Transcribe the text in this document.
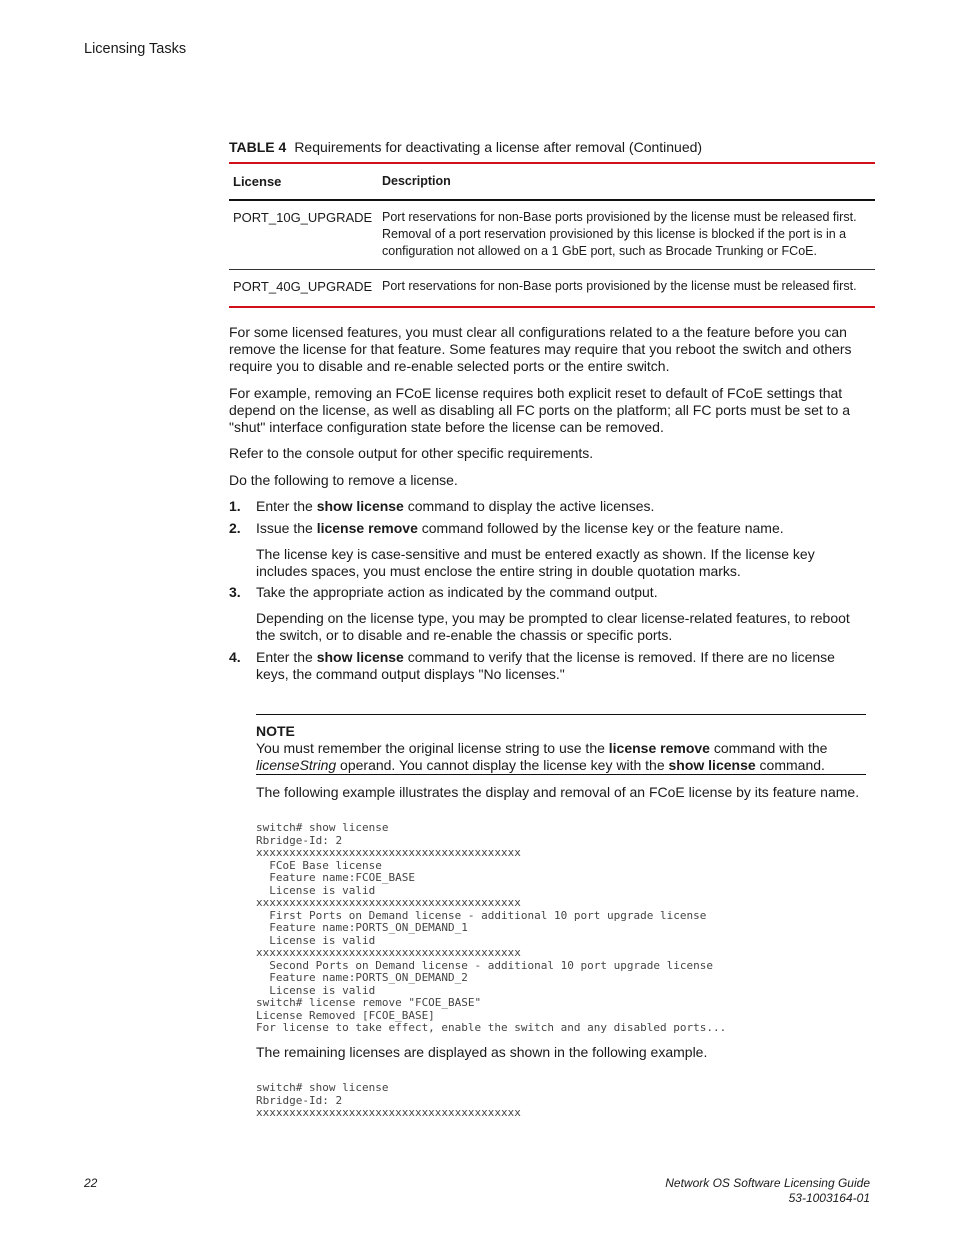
Licensing Tasks
TABLE 4 Requirements for deactivating a license after removal (Continued)
License	Description
PORT_10G_UPGRADE Port reservations for non-Base ports provisioned by the license must be released first. Removal of a port reservation provisioned by this license is blocked if the port is in a configuration not allowed on a 1 GbE port, such as Brocade Trunking or FCoE.
PORT_40G_UPGRADE Port reservations for non-Base ports provisioned by the license must be released first.
For some licensed features, you must clear all configurations related to a the feature before you can remove the license for that feature. Some features may require that you reboot the switch and others require you to disable and re-enable selected ports or the entire switch.
For example, removing an FCoE license requires both explicit reset to default of FCoE settings that depend on the license, as well as disabling all FC ports on the platform; all FC ports must be set to a "shut" interface configuration state before the license can be removed.
Refer to the console output for other specific requirements.
Do the following to remove a license.
1. Enter the show license command to display the active licenses.
2. Issue the license remove command followed by the license key or the feature name.
The license key is case-sensitive and must be entered exactly as shown. If the license key includes spaces, you must enclose the entire string in double quotation marks.
3. Take the appropriate action as indicated by the command output.
Depending on the license type, you may be prompted to clear license-related features, to reboot the switch, or to disable and re-enable the chassis or specific ports.
4. Enter the show license command to verify that the license is removed. If there are no license keys, the command output displays "No licenses."
NOTE
You must remember the original license string to use the license remove command with the licenseString operand. You cannot display the license key with the show license command.
The following example illustrates the display and removal of an FCoE license by its feature name.
switch# show license
Rbridge-Id: 2
xxxxxxxxxxxxxxxxxxxxxxxxxxxxxxxxxxxxxxxx
FCoE Base license
Feature name:FCOE_BASE
License is valid
xxxxxxxxxxxxxxxxxxxxxxxxxxxxxxxxxxxxxxxx
First Ports on Demand license - additional 10 port upgrade license
Feature name:PORTS_ON_DEMAND_1
License is valid
xxxxxxxxxxxxxxxxxxxxxxxxxxxxxxxxxxxxxxxx
Second Ports on Demand license - additional 10 port upgrade license
Feature name:PORTS_ON_DEMAND_2
License is valid
switch# license remove "FCOE_BASE"
License Removed [FCOE_BASE]
For license to take effect, enable the switch and any disabled ports...
The remaining licenses are displayed as shown in the following example.
switch# show license
Rbridge-Id: 2
xxxxxxxxxxxxxxxxxxxxxxxxxxxxxxxxxxxxxxxx
22	Network OS Software Licensing Guide
53-1003164-01
